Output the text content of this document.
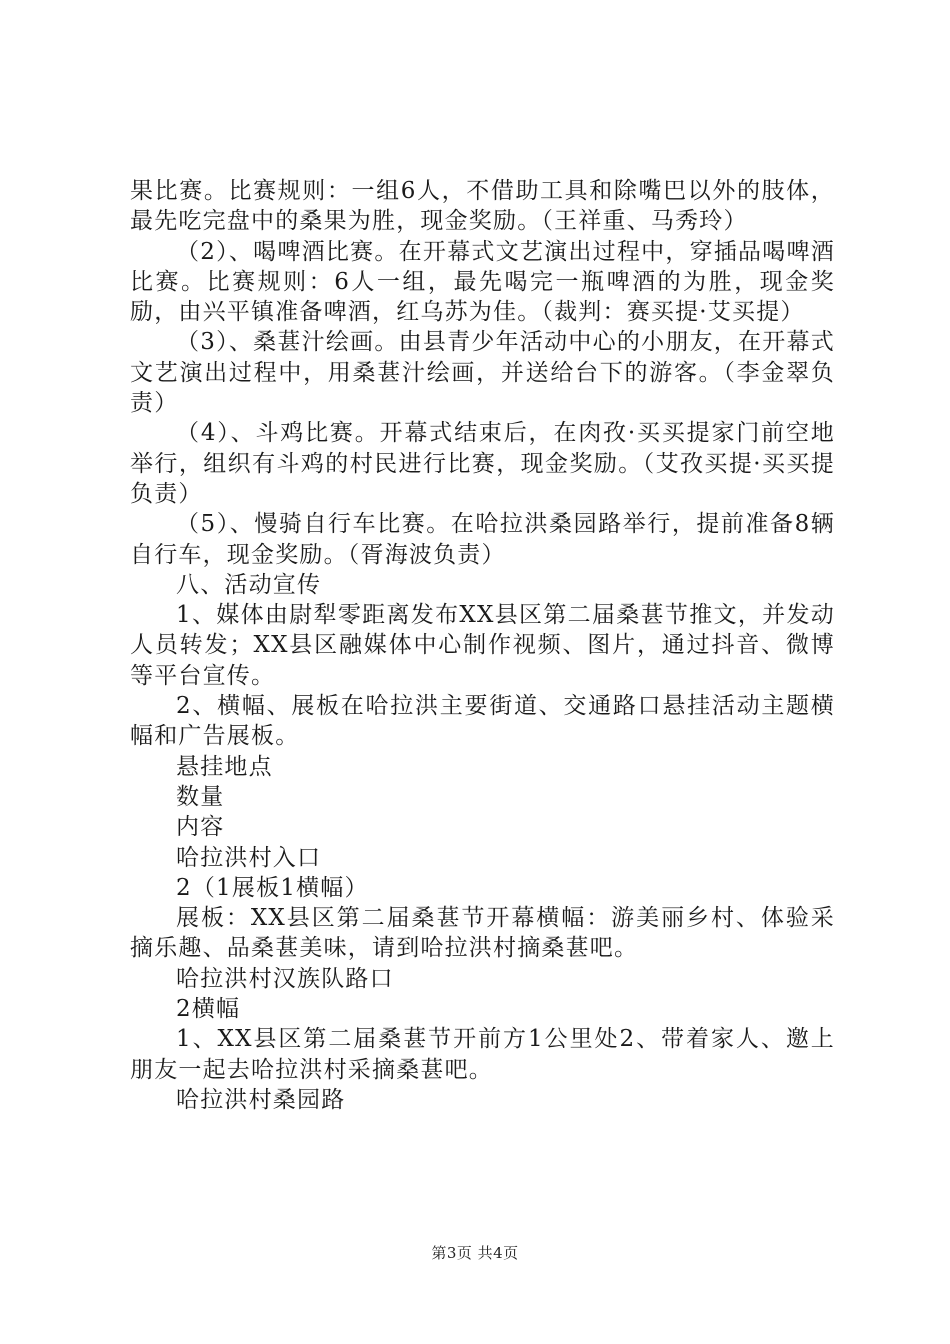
果比赛。比赛规则：一组6人，不借助工具和除嘴巴以外的肢体，最先吃完盘中的桑果为胜，现金奖励。（王祥重、马秀玲）

（2）、喝啤酒比赛。在开幕式文艺演出过程中，穿插品喝啤酒比赛。比赛规则：6人一组，最先喝完一瓶啤酒的为胜，现金奖励，由兴平镇准备啤酒，红乌苏为佳。（裁判：赛买提·艾买提）

（3）、桑葚汁绘画。由县青少年活动中心的小朋友，在开幕式文艺演出过程中，用桑葚汁绘画，并送给台下的游客。（李金翠负责）

（4）、斗鸡比赛。开幕式结束后，在肉孜·买买提家门前空地举行，组织有斗鸡的村民进行比赛，现金奖励。（艾孜买提·买买提负责）

（5）、慢骑自行车比赛。在哈拉洪桑园路举行，提前准备8辆自行车，现金奖励。（胥海波负责）

八、活动宣传

1、媒体由尉犁零距离发布XX县区第二届桑葚节推文，并发动人员转发；XX县区融媒体中心制作视频、图片，通过抖音、微博等平台宣传。

2、横幅、展板在哈拉洪主要街道、交通路口悬挂活动主题横幅和广告展板。

悬挂地点

数量

内容

哈拉洪村入口

2（1展板1横幅）

展板：XX县区第二届桑葚节开幕横幅：游美丽乡村、体验采摘乐趣、品桑葚美味，请到哈拉洪村摘桑葚吧。

哈拉洪村汉族队路口

2横幅

1、XX县区第二届桑葚节开前方1公里处2、带着家人、邀上朋友一起去哈拉洪村采摘桑葚吧。

哈拉洪村桑园路

第3页 共4页
